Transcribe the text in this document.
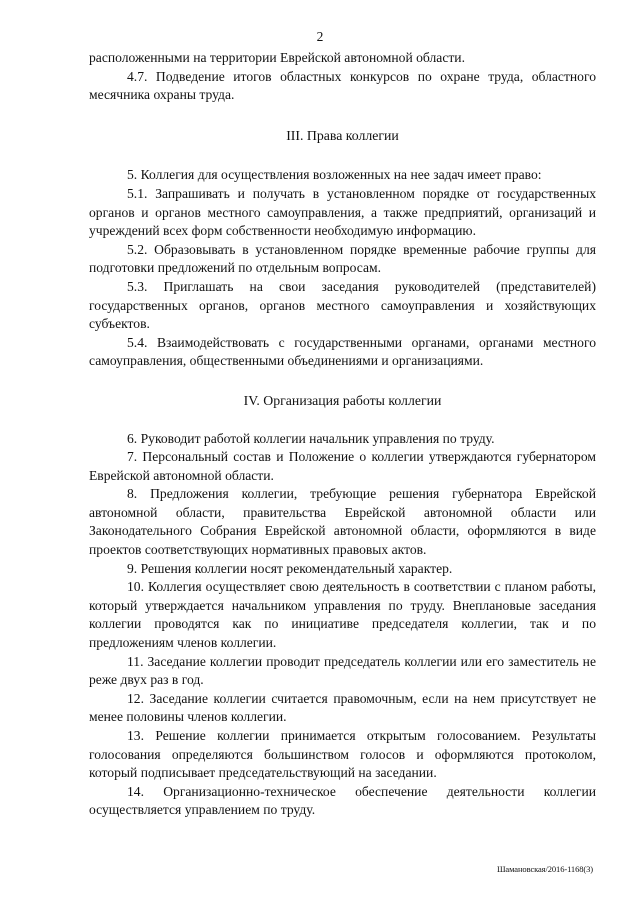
2

расположенными на территории Еврейской автономной области.

4.7. Подведение итогов областных конкурсов по охране труда, областного месячника охраны труда.

III. Права коллегии

5. Коллегия для осуществления возложенных на нее задач имеет право:

5.1. Запрашивать и получать в установленном порядке от государственных органов и органов местного самоуправления, а также предприятий, организаций и учреждений всех форм собственности необходимую информацию.

5.2. Образовывать в установленном порядке временные рабочие группы для подготовки предложений по отдельным вопросам.

5.3. Приглашать на свои заседания руководителей (представителей) государственных органов, органов местного самоуправления и хозяйствующих субъектов.

5.4. Взаимодействовать с государственными органами, органами местного самоуправления, общественными объединениями и организациями.

IV. Организация работы коллегии

6. Руководит работой коллегии начальник управления по труду.

7. Персональный состав и Положение о коллегии утверждаются губернатором Еврейской автономной области.

8. Предложения коллегии, требующие решения губернатора Еврейской автономной области, правительства Еврейской автономной области или Законодательного Собрания Еврейской автономной области, оформляются в виде проектов соответствующих нормативных правовых актов.

9. Решения коллегии носят рекомендательный характер.

10. Коллегия осуществляет свою деятельность в соответствии с планом работы, который утверждается начальником управления по труду. Внеплановые заседания коллегии проводятся как по инициативе председателя коллегии, так и по предложениям членов коллегии.

11. Заседание коллегии проводит председатель коллегии или его заместитель не реже двух раз в год.

12. Заседание коллегии считается правомочным, если на нем присутствует не менее половины членов коллегии.

13. Решение коллегии принимается открытым голосованием. Результаты голосования определяются большинством голосов и оформляются протоколом, который подписывает председательствующий на заседании.

14. Организационно-техническое обеспечение деятельности коллегии осуществляется управлением по труду.

Шамановская/2016-1168(3)
